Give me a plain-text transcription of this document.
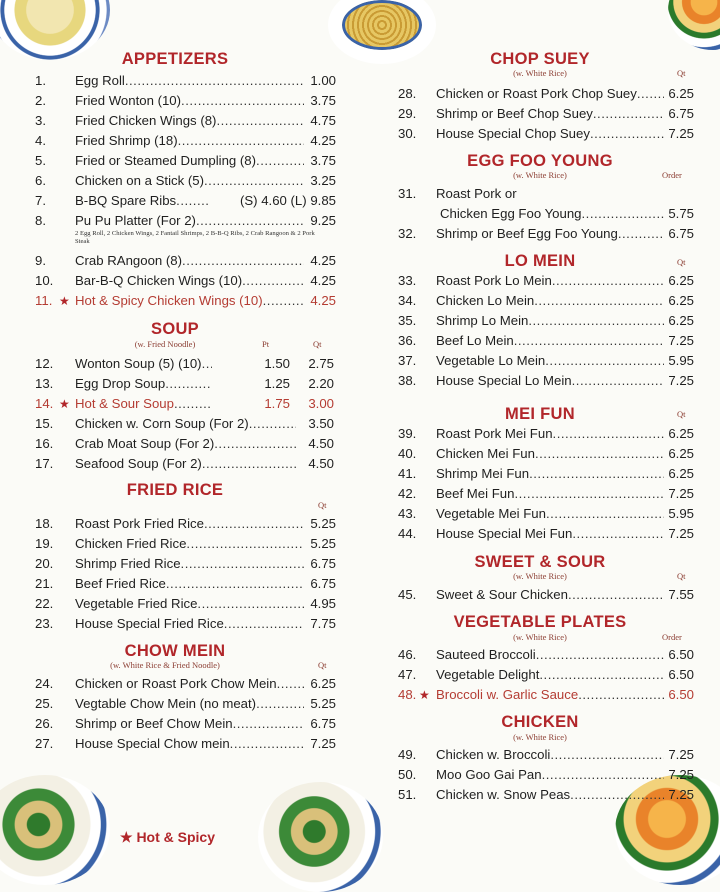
APPETIZERS
1.	Egg Roll .....	1.00
2.	Fried Wonton (10) .....	3.75
3.	Fried Chicken Wings (8) .....	4.75
4.	Fried Shrimp (18) .....	4.25
5.	Fried or Steamed Dumpling (8) .....	3.75
6.	Chicken on a Stick (5) .....	3.25
7.	B-BQ Spare Ribs .....	(S) 4.60 (L) 9.85
8.	Pu Pu Platter (For 2) .....	9.25
2 Egg Roll, 2 Chicken Wings, 2 Fantail Shrimps, 2 B-B-Q Ribs, 2 Crab Rangoon & 2 Pork Steak
9.	Crab RAngoon (8) .....	4.25
10.	Bar-B-Q Chicken Wings (10) .....	4.25
11. ★ Hot & Spicy Chicken Wings (10) .....	4.25
SOUP
(w. Fried Noodle)	Pt	Qt
12.	Wonton Soup (5) (10) .....	1.50	2.75
13.	Egg Drop Soup .....	1.25	2.20
14. ★ Hot & Sour Soup .....	1.75	3.00
15.	Chicken w. Corn Soup (For 2) .....	3.50
16.	Crab Moat Soup (For 2) .....	4.50
17.	Seafood Soup (For 2) .....	4.50
FRIED RICE
Qt
18.	Roast Pork Fried Rice .....	5.25
19.	Chicken Fried Rice .....	5.25
20.	Shrimp Fried Rice .....	6.75
21.	Beef Fried Rice .....	6.75
22.	Vegetable Fried Rice .....	4.95
23.	House Special Fried Rice .....	7.75
CHOW MEIN
(w. White Rice & Fried Noodle)	Qt
24.	Chicken or Roast Pork Chow Mein .....	6.25
25.	Vegtable Chow Mein (no meat) .....	5.25
26.	Shrimp or Beef Chow Mein .....	6.75
27.	House Special Chow mein .....	7.25
CHOP SUEY
(w. White Rice)	Qt
28.	Chicken or Roast Pork Chop Suey .....	6.25
29.	Shrimp or Beef Chop Suey .....	6.75
30.	House Special Chop Suey .....	7.25
EGG FOO YOUNG
(w. White Rice)	Order
31.	Roast Pork or
Chicken Egg Foo Young .....	5.75
32.	Shrimp or Beef Egg Foo Young .....	6.75
LO MEIN	Qt
33.	Roast Pork Lo Mein .....	6.25
34.	Chicken Lo Mein .....	6.25
35.	Shrimp Lo Mein .....	6.25
36.	Beef Lo Mein .....	7.25
37.	Vegetable Lo Mein .....	5.95
38.	House Special Lo Mein .....	7.25
MEI FUN	Qt
39.	Roast Pork Mei Fun .....	6.25
40.	Chicken Mei Fun .....	6.25
41.	Shrimp Mei Fun .....	6.25
42.	Beef Mei Fun .....	7.25
43.	Vegetable Mei Fun .....	5.95
44.	House Special Mei Fun .....	7.25
SWEET & SOUR
(w. White Rice)	Qt
45.	Sweet & Sour Chicken .....	7.55
VEGETABLE PLATES
(w. White Rice)	Order
46.	Sauteed Broccoli .....	6.50
47.	Vegetable Delight .....	6.50
48. ★ Broccoli w. Garlic Sauce .....	6.50
CHICKEN
(w. White Rice)
49.	Chicken w. Broccoli .....	7.25
50.	Moo Goo Gai Pan .....	7.25
51.	Chicken w. Snow Peas .....	7.25
★ Hot & Spicy
